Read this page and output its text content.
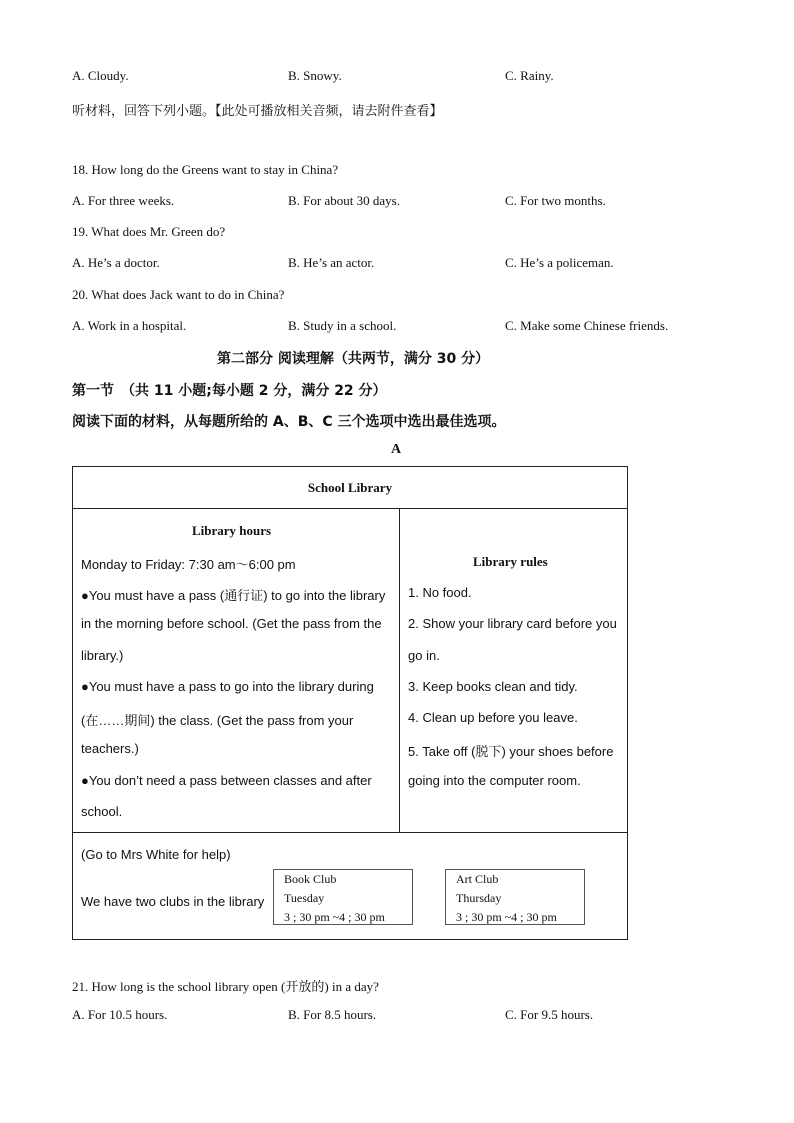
A. Cloudy.	B. Snowy.	C. Rainy.
听材料，回答下列小题。【此处可播放相关音频，请去附件查看】
18. How long do the Greens want to stay in China?
A. For three weeks.	B. For about 30 days.	C. For two months.
19. What does Mr. Green do?
A. He’s a doctor.	B. He’s an actor.	C. He’s a policeman.
20. What does Jack want to do in China?
A. Work in a hospital.	B. Study in a school.	C. Make some Chinese friends.
第二部分 阅读理解（共两节，满分 30 分）
第一节　（共 11 小题;每小题 2 分，满分 22 分）
阅读下面的材料，从每题所给的 A、B、C 三个选项中选出最佳选项。
A
School Library

Library hours
Monday to Friday: 7:30 am～6:00 pm
●You must have a pass (通行证) to go into the library
in the morning before school. (Get the pass from the
library.)
●You must have a pass to go into the library during
(在……期间) the class. (Get the pass from your
teachers.)
●You don’t need a pass between classes and after
school.

Library rules
1. No food.
2. Show your library card before you
go in.
3. Keep books clean and tidy.
4. Clean up before you leave.
5. Take off (脱下) your shoes before
going into the computer room.

(Go to Mrs White for help)
We have two clubs in the library
Book Club
Tuesday
3 ; 30 pm ~4 ; 30 pm
Art Club
Thursday
3 ; 30 pm ~4 ; 30 pm
21. How long is the school library open (开放的) in a day?
A. For 10.5 hours.	B. For 8.5 hours.	C. For 9.5 hours.
